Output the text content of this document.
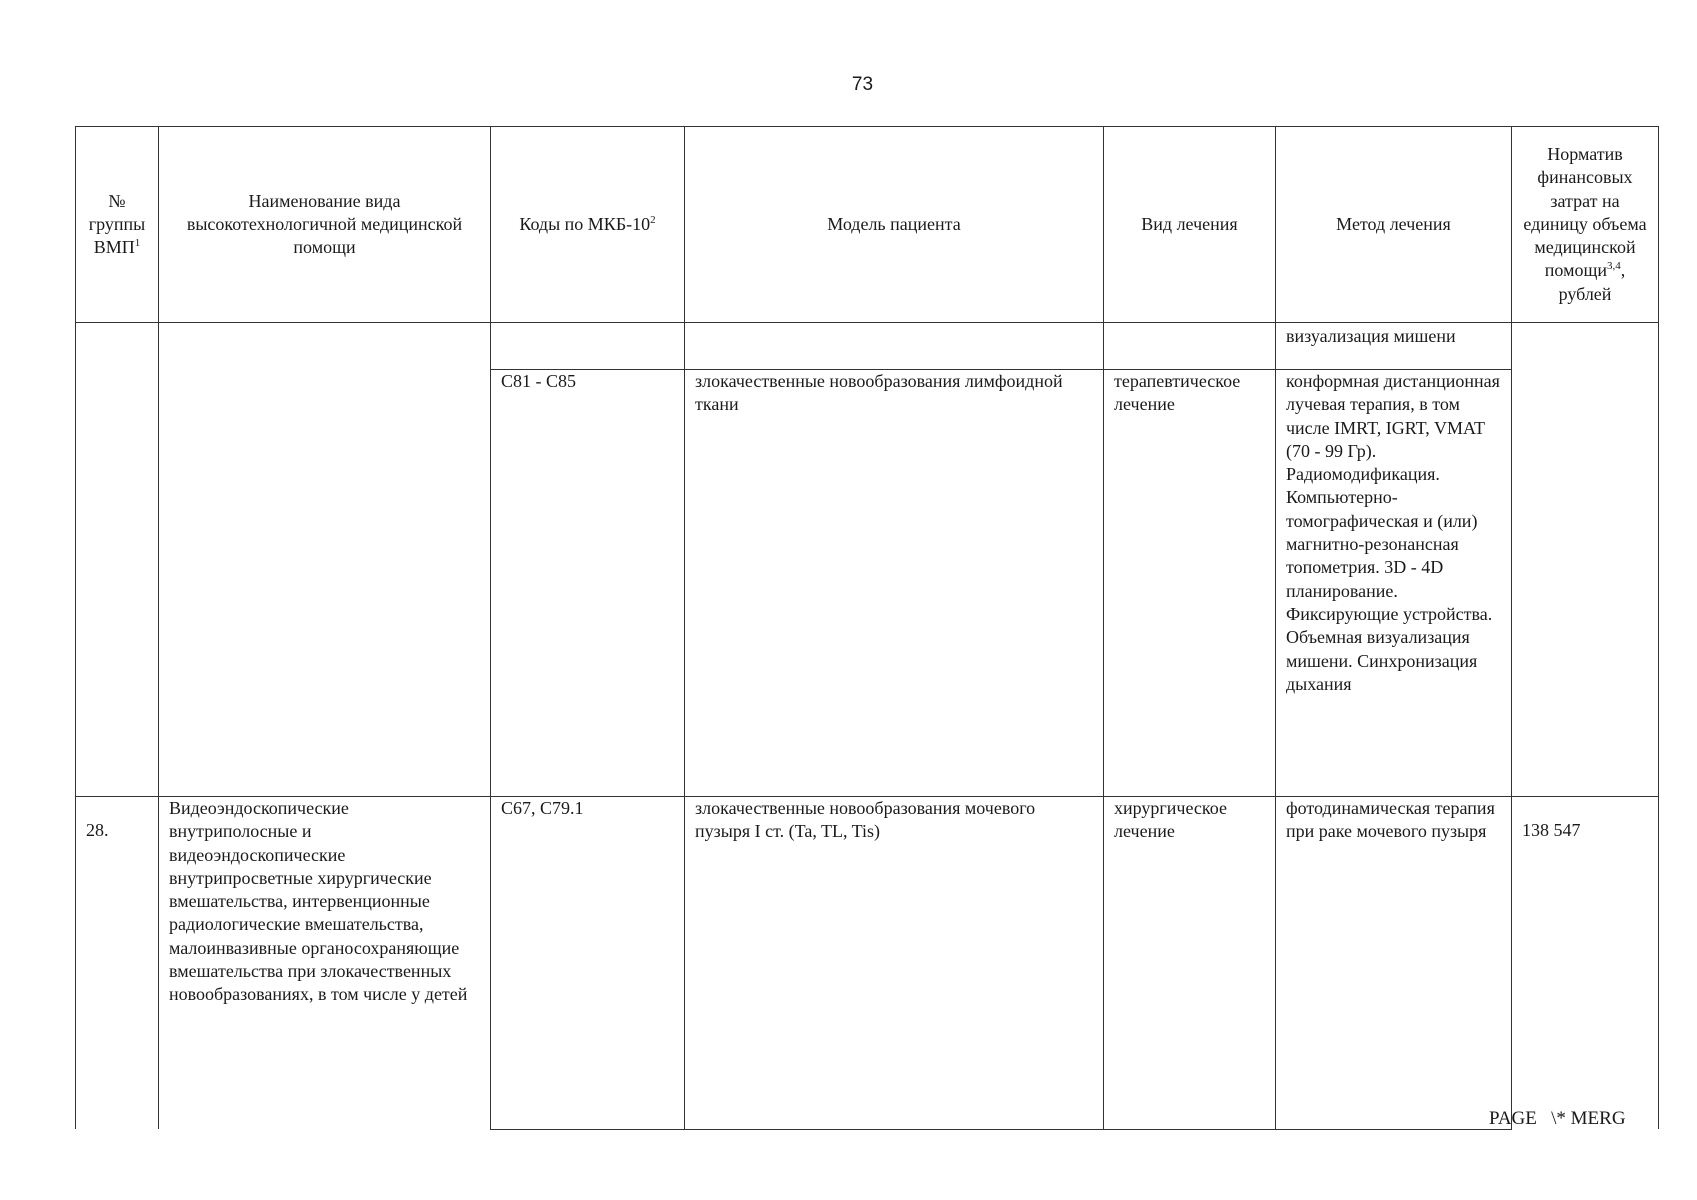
73
№ группы ВМП$^1$	Наименование вида высокотехнологичной медицинской помощи	Коды по МКБ-$10^2$	Модель пациента	Вид лечения	Метод лечения	Норматив финансовых затрат на единицу объема медицинской помощи$^{3,4}$, рублей
					визуализация мишени	
		C81 - C85	злокачественные новообразования лимфоидной ткани	терапевтическое лечение	конформная дистанционная лучевая терапия, в том числе IMRT, IGRT, VMAT (70 - 99 Гр). Радиомодификация. Компьютерно-томографическая и (или) магнитно-резонансная топометрия. 3D - 4D планирование. Фиксирующие устройства. Объемная визуализация мишени. Синхронизация дыхания	
28.	Видеоэндоскопические внутриполосные и видеоэндоскопические внутрипросветные хирургические вмешательства, интервенционные радиологические вмешательства, малоинвазивные органосохраняющие вмешательства при злокачественных новообразованиях, в том числе у детей	C67, C79.1	злокачественные новообразования мочевого пузыря I ст. (Ta, TL, Tis)	хирургическое лечение	фотодинамическая терапия при раке мочевого пузыря	138 547
PAGE   \* MERG
